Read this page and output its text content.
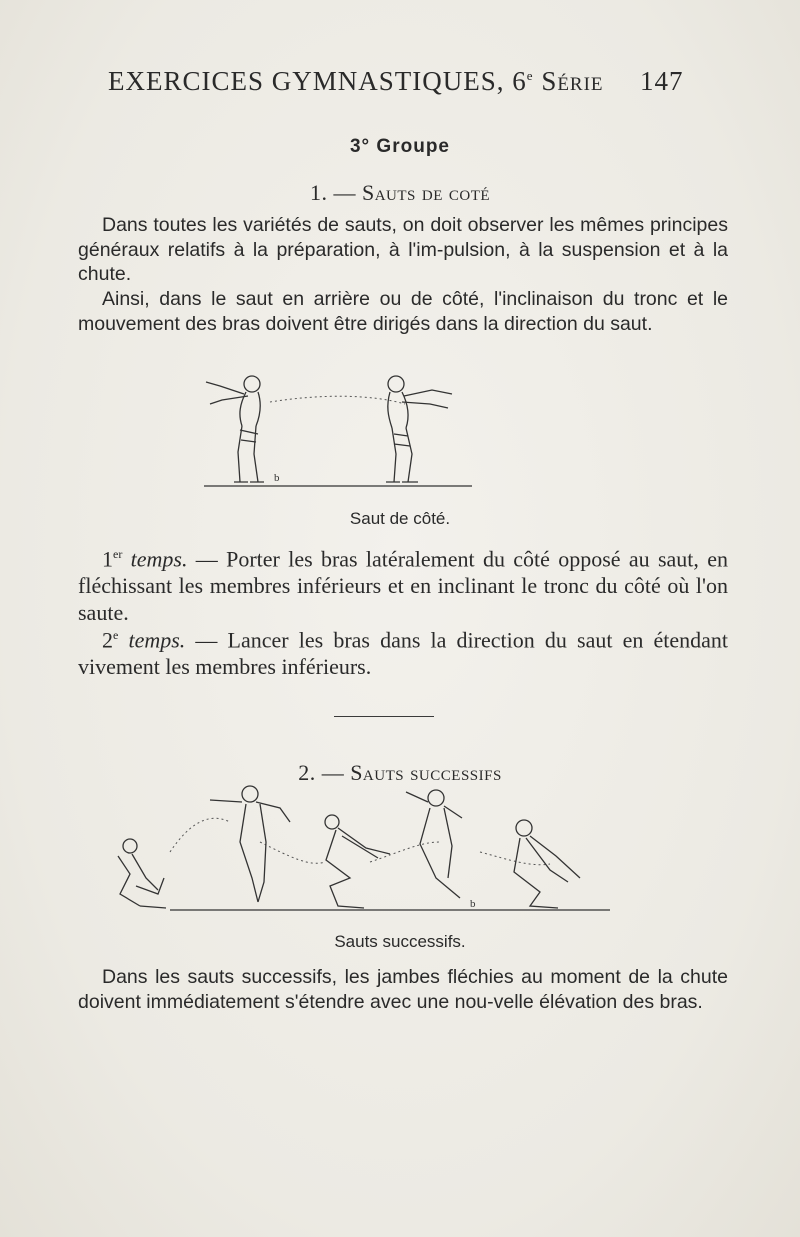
EXERCICES GYMNASTIQUES, 6e Série 147
3° Groupe
1. — Sauts de coté
Dans toutes les variétés de sauts, on doit observer les mêmes principes généraux relatifs à la préparation, à l'im-pulsion, à la suspension et à la chute.
Ainsi, dans le saut en arrière ou de côté, l'inclinaison du tronc et le mouvement des bras doivent être dirigés dans la direction du saut.
b
Saut de côté.
1er temps. — Porter les bras latéralement du côté opposé au saut, en fléchissant les membres inférieurs et en inclinant le tronc du côté où l'on saute.
2e temps. — Lancer les bras dans la direction du saut en étendant vivement les membres inférieurs.
2. — Sauts successifs
b
Sauts successifs.
Dans les sauts successifs, les jambes fléchies au moment de la chute doivent immédiatement s'étendre avec une nou-velle élévation des bras.
